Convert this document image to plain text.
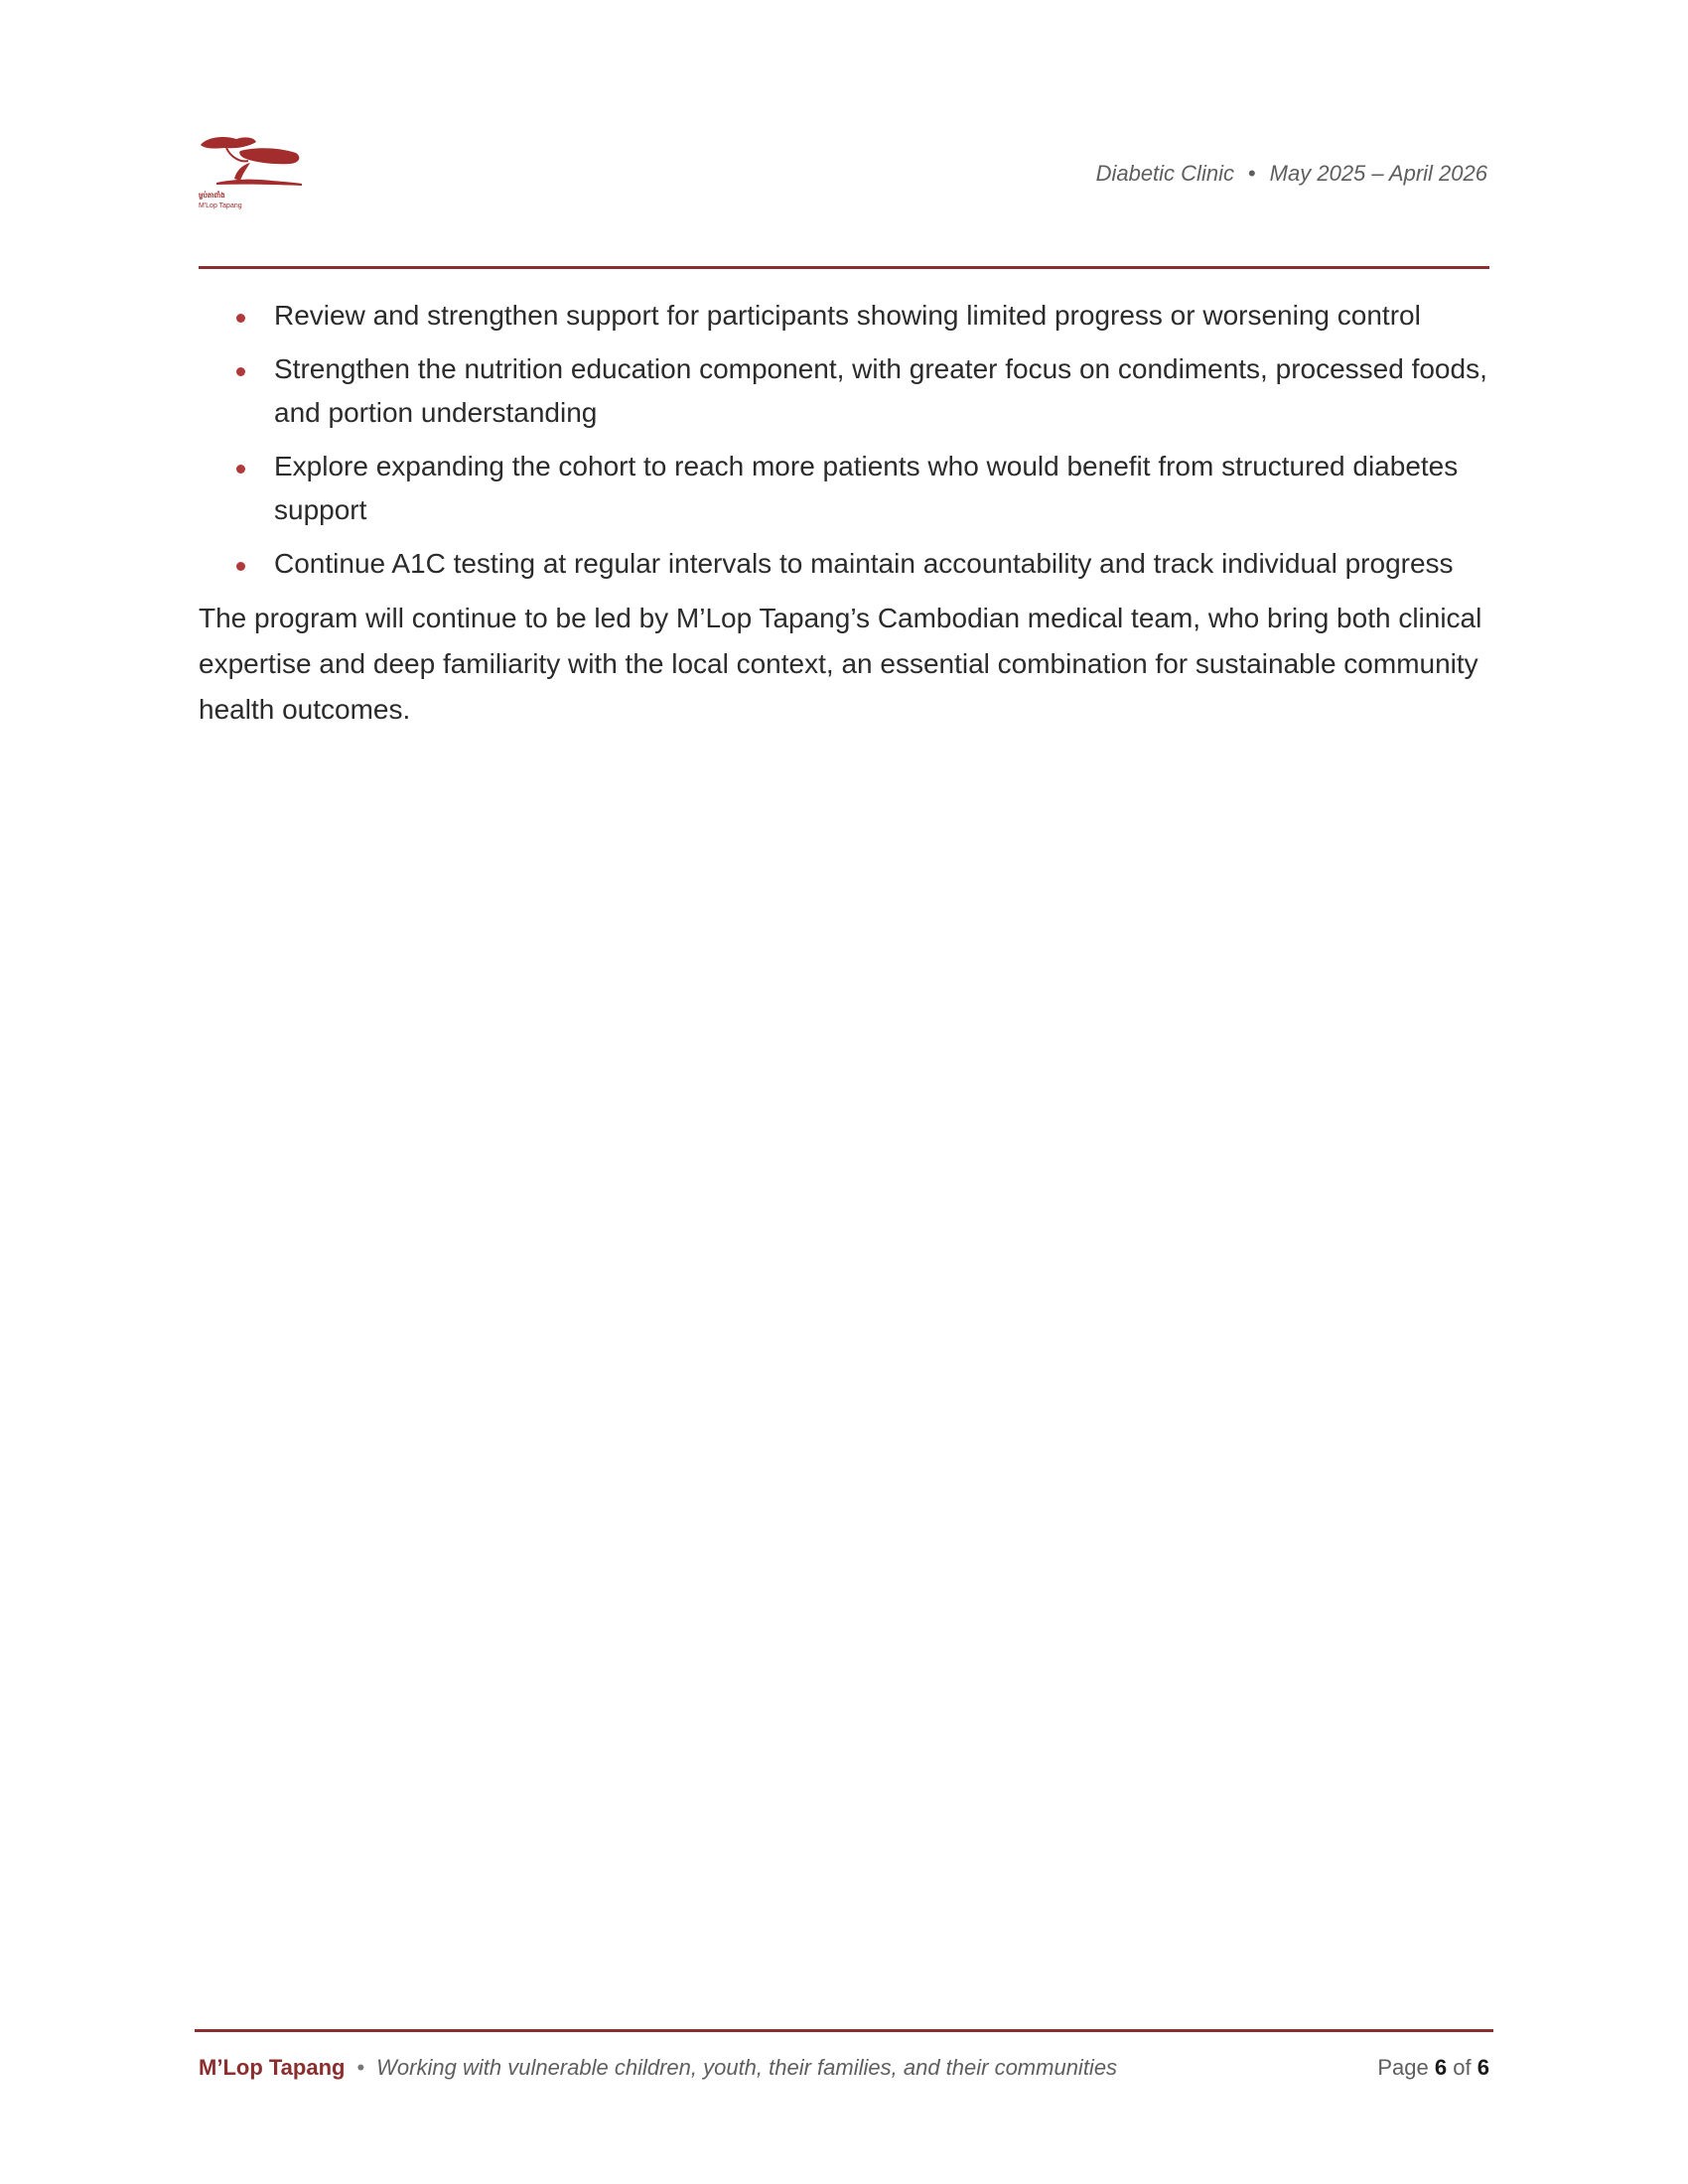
ម្លប់តាពាំង
M'Lop Tapang
Diabetic Clinic • May 2025 – April 2026
Review and strengthen support for participants showing limited progress or worsening control
Strengthen the nutrition education component, with greater focus on condiments, processed foods, and portion understanding
Explore expanding the cohort to reach more patients who would benefit from structured diabetes support
Continue A1C testing at regular intervals to maintain accountability and track individual progress

The program will continue to be led by M’Lop Tapang’s Cambodian medical team, who bring both clinical expertise and deep familiarity with the local context, an essential combination for sustainable community health outcomes.

M’Lop Tapang • Working with vulnerable children, youth, their families, and their communities	Page 6 of 6
